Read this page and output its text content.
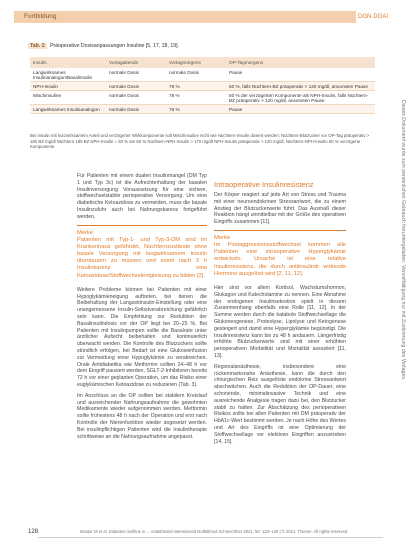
Fortbildung	DGN·DGAI
Tab. 2 Präoperative Dosisanpassungen Insuline [5, 17, 18, 19].
Insulin	Vortagabends	Vortagmorgens	OP-Tagmorgens
Langwirksames Insulinanalogon/Basalinsulin	normale Dosis	normale Dosis	Pause
NPH-Insulin	normale Dosis	75 %	50 %, falls Nüchtern-BZ präoperativ > 120 mg/dl, ansonsten Pause
Mischinsuline	normale Dosis	75 %	50 % der verzögerten Komponente als NPH-Insulin, falls Nüchtern-BZ präoperativ > 120 mg/dl, ansonsten Pause
Langwirksames Insulinanalogon	normale Dosis	75 %	Pause
Bei Insulin mit kurzwirksamem Anteil und verzögerter Wirkkomponente soll Mischinsuline nicht wie Nüchtern-Insulin dosiert werden; Nüchtern-Blutzucker vor OP-Tag präoperativ > 180 BZ mg/dl Nüchtern 180 BZ NPH-Insulin = 50 % am 50 % Nüchtern-NPH-Insulin > 170 mg/dl NPH-Insulin präoperativ > 120 mg/dl, Nüchtern-NPH-Insulin 50 % verzögerte Komponente.	Dieses Dokument wurde zum persönlichen Gebrauch heruntergeladen. Vervielfältigung nur mit Zustimmung des Verlages.

Für Patienten mit einem dualen Insulinmangel (DM Typ 1 und Typ 3c) ist die Aufrechterhaltung der basalen Insulinversorgung Voraussetzung für eine sichere, stoffwechselstabile perioperative Versorgung. Um eine diabetische Ketoazidose zu vermeiden, muss die basale Insulinzufuhr auch bei Nahrungskarenz fortgeführt werden.

Merke
Patienten mit Typ-1- und Typ-3-DM sind im Krankenhaus gefährdet, Nüchternzustände ohne basale Versorgung mit langwirksamem Insulin überdauern zu müssen und somit nach 3 h Insulinkarenz eine Ketoazidose/Stoffwechselentgleisung zu bilden [2].

Weitere Probleme können bei Patienten mit einer Hypoglykämieneigung auftreten, bei denen die Beibehaltung der Langzeitinsulin-Einstellung oder eine unangemessene Insulin-Selbstverabreichung gefährlich sein kann. Die Empfehlung zur Reduktion der Basalinsulindosis vor der OP liegt bei 20–25 %. Bei Patienten mit Insulinpumpen sollte die Basalrate unter ärztlicher Aufsicht beibehalten und kontinuierlich überwacht werden. Die Kontrolle des Blutzuckers sollte stündlich erfolgen, bei Bedarf ist eine Glukoseinfusion zur Vermeidung einer Hypoglykämie zu verabreichen. Orale Antidiabetika wie Metformin sollten 24–48 h vor dem Eingriff pausiert werden, SGLT-2-Inhibitoren bereits 72 h vor einer geplanten Operation, um das Risiko einer euglykämischen Ketoazidose zu reduzieren (Tab. 3).

Im Anschluss an die OP sollten bei stabilem Kreislauf und ausreichender Nahrungsaufnahme die gewohnten Medikamente wieder aufgenommen werden. Metformin sollte frühestens 48 h nach der Operation und erst nach Kontrolle der Nierenfunktion wieder angesetzt werden. Bei insulinpflichtigen Patienten wird die Insulintherapie schrittweise an die Nahrungsaufnahme angepasst.

Intraoperative Insulinresistenz

Der Körper reagiert auf jede Art von Stress und Trauma mit einer neuroendokrinen Stressantwort, die zu einem Anstieg der Blutzuckerwerte führt. Das Ausmaß dieser Reaktion hängt unmittelbar mit der Größe des operativen Eingriffs zusammen [11].

Merke
Im Postaggressionsstoffwechsel kommen alle Patienten eine intraoperative Hyperglykämie entwickeln. Ursache ist eine relative Insulinresistenz, die durch antiinsulinär wirkende Hormone ausgelöst wird [2, 11, 12].

Hier sind vor allem Kortisol, Wachstumshormon, Glukagon und Katecholamine zu nennen. Eine Abnahme der endogenen Insulinsekretion spielt in diesem Zusammenhang ebenfalls eine Rolle [11, 12]. In der Summe werden durch die katabole Stoffwechsellage die Glukoneogenese, Proteolyse, Lipolyse und Ketogenese gesteigert und damit eine Hyperglykämie begünstigt. Die Insulinresistenz kann bis zu 48 h andauern. Längerfristig erhöhte Blutzuckerwerte sind mit einer erhöhten perioperativen Morbidität und Mortalität assoziiert [11, 13].

Regionalanästhesie, insbesondere eine rückenmarksnahe Anästhesie, kann die durch den chirurgischen Reiz ausgelöste endokrine Stressantwort abschwächen. Auch die Reduktion der OP-Dauer, eine schonende, minimalinvasive Technik und eine ausreichende Analgesie tragen dazu bei, den Blutzucker stabil zu halten. Zur Abschätzung des perioperativen Risikos sollte bei allen Patienten mit DM präoperativ der HbA1c-Wert bestimmt werden. Je nach Höhe des Wertes und Art des Eingriffs ist eine Optimierung der Stoffwechsellage vor elektiven Eingriffen anzustreben [14, 15].

128	Muster M et al. Diabetes mellitus in ... Anästhesiol Intensivmed Notfallmed Schmerzther 2021; 56: 123–135 | © 2021. Thieme. All rights reserved.
